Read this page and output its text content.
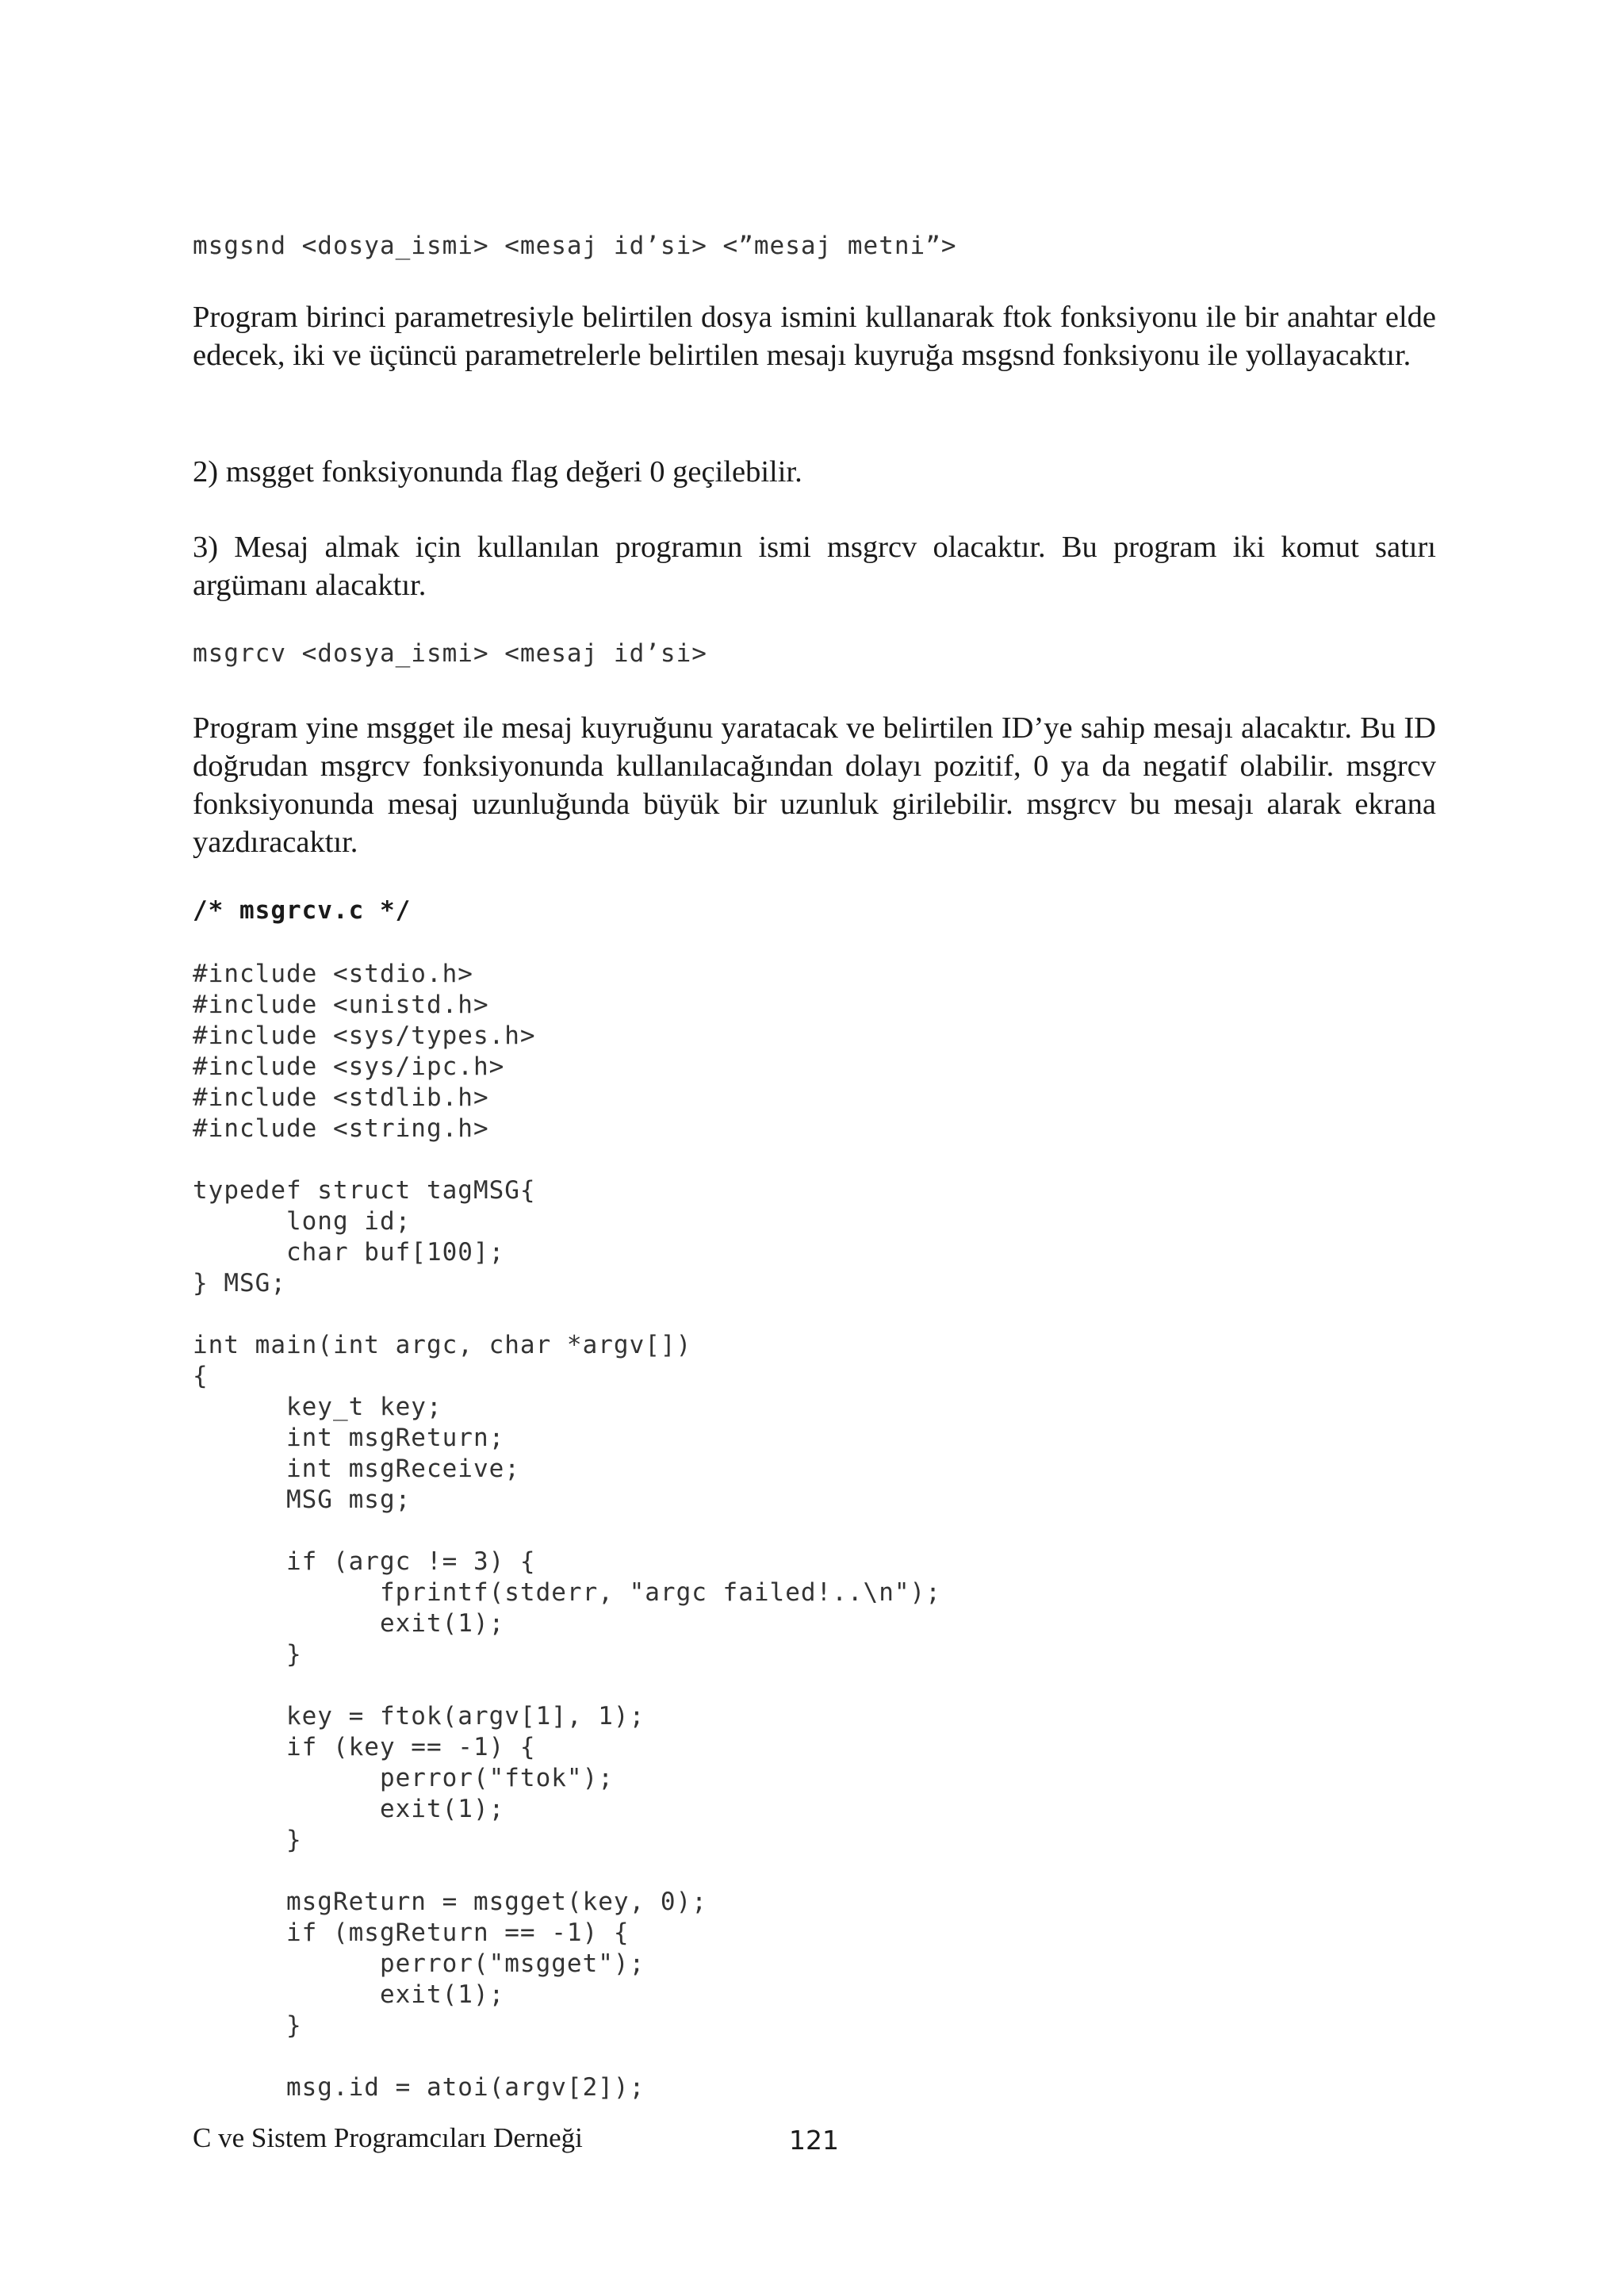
msgsnd <dosya_ismi> <mesaj id’si> <”mesaj metni”>

Program birinci parametresiyle belirtilen dosya ismini kullanarak ftok fonksiyonu ile bir anahtar elde edecek, iki ve üçüncü parametrelerle belirtilen mesajı kuyruğa msgsnd fonksiyonu ile yollayacaktır.

2) msgget fonksiyonunda flag değeri 0 geçilebilir.

3) Mesaj almak için kullanılan programın ismi msgrcv olacaktır. Bu program iki komut satırı argümanı alacaktır.

msgrcv <dosya_ismi> <mesaj id’si>

Program yine msgget ile mesaj kuyruğunu yaratacak ve belirtilen ID’ye sahip mesajı alacaktır. Bu ID doğrudan msgrcv fonksiyonunda kullanılacağından dolayı pozitif, 0 ya da negatif olabilir. msgrcv fonksiyonunda mesaj uzunluğunda büyük bir uzunluk girilebilir. msgrcv bu mesajı alarak ekrana yazdıracaktır.

/* msgrcv.c */
#include <stdio.h>
#include <unistd.h>
#include <sys/types.h>
#include <sys/ipc.h>
#include <stdlib.h>
#include <string.h>

typedef struct tagMSG{
long id;
char buf[100];
} MSG;

int main(int argc, char *argv[])
{
key_t key;
int msgReturn;
int msgReceive;
MSG msg;

if (argc != 3) {
fprintf(stderr, "argc failed!..\n");
exit(1);
}

key = ftok(argv[1], 1);
if (key == -1) {
perror("ftok");
exit(1);
}

msgReturn = msgget(key, 0);
if (msgReturn == -1) {
perror("msgget");
exit(1);
}

msg.id = atoi(argv[2]);
C ve Sistem Programcıları Derneği	121
